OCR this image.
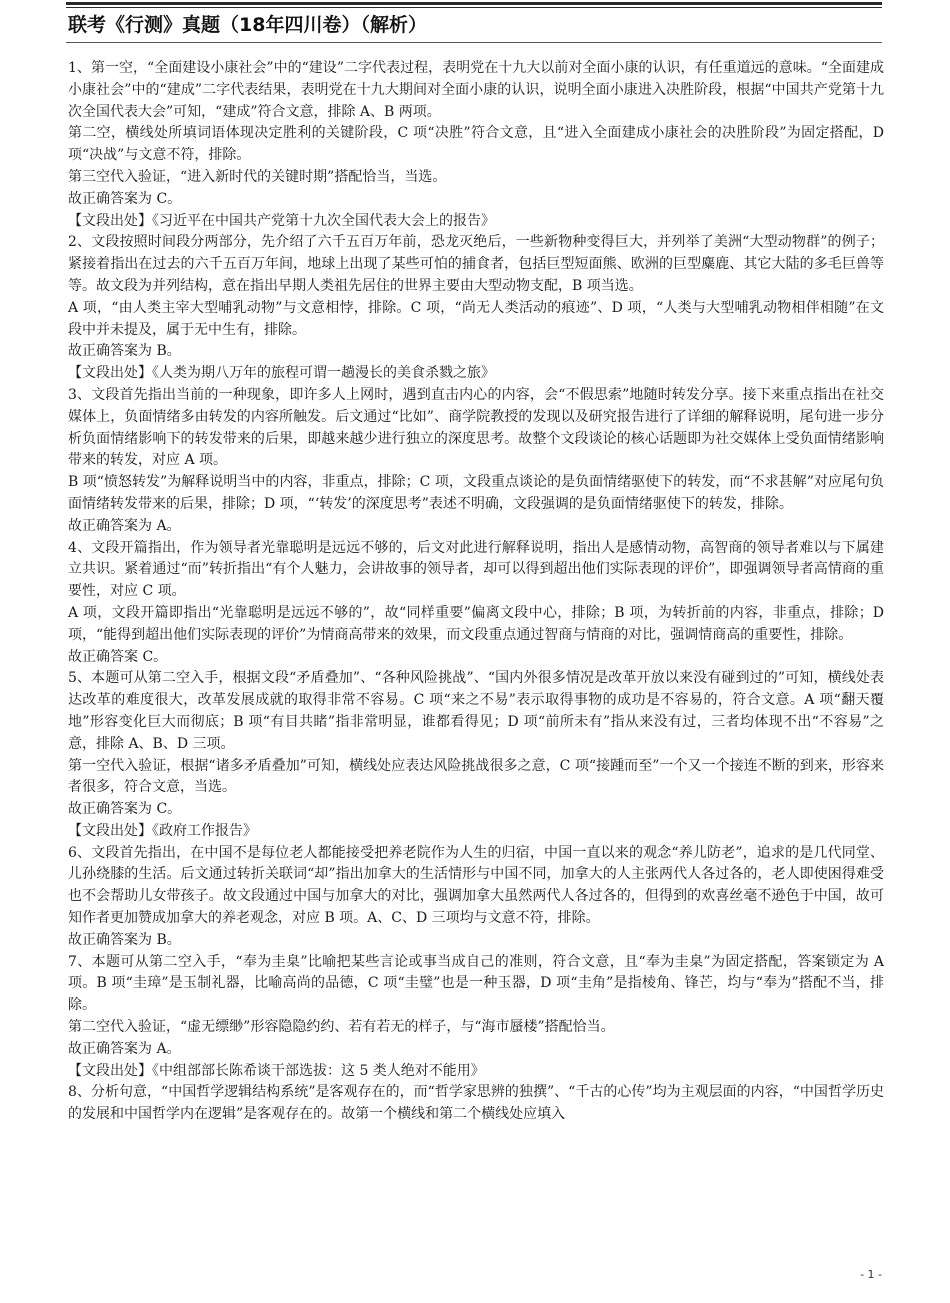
联考《行测》真题（18年四川卷）（解析）

1、第一空，“全面建设小康社会”中的“建设”二字代表过程，表明党在十九大以前对全面小康的认识，有任重道远的意味。“全面建成小康社会”中的“建成”二字代表结果，表明党在十九大期间对全面小康的认识，说明全面小康进入决胜阶段，根据“中国共产党第十九次全国代表大会”可知，“建成”符合文意，排除 A、B 两项。

第二空，横线处所填词语体现决定胜利的关键阶段，C 项“决胜”符合文意，且“进入全面建成小康社会的决胜阶段”为固定搭配，D 项“决战”与文意不符，排除。

第三空代入验证，“进入新时代的关键时期”搭配恰当，当选。

故正确答案为 C。

【文段出处】《习近平在中国共产党第十九次全国代表大会上的报告》

2、文段按照时间段分两部分，先介绍了六千五百万年前，恐龙灭绝后，一些新物种变得巨大，并列举了美洲“大型动物群”的例子；紧接着指出在过去的六千五百万年间，地球上出现了某些可怕的捕食者，包括巨型短面熊、欧洲的巨型麋鹿、其它大陆的多毛巨兽等等。故文段为并列结构，意在指出早期人类祖先居住的世界主要由大型动物支配，B 项当选。

A 项，“由人类主宰大型哺乳动物”与文意相悖，排除。C 项，“尚无人类活动的痕迹”、D 项，“人类与大型哺乳动物相伴相随”在文段中并未提及，属于无中生有，排除。

故正确答案为 B。

【文段出处】《人类为期八万年的旅程可谓一趟漫长的美食杀戮之旅》

3、文段首先指出当前的一种现象，即许多人上网时，遇到直击内心的内容，会“不假思索”地随时转发分享。接下来重点指出在社交媒体上，负面情绪多由转发的内容所触发。后文通过“比如”、商学院教授的发现以及研究报告进行了详细的解释说明，尾句进一步分析负面情绪影响下的转发带来的后果，即越来越少进行独立的深度思考。故整个文段谈论的核心话题即为社交媒体上受负面情绪影响带来的转发，对应 A 项。

B 项“愤怒转发”为解释说明当中的内容，非重点，排除；C 项，文段重点谈论的是负面情绪驱使下的转发，而“不求甚解”对应尾句负面情绪转发带来的后果，排除；D 项，“‘转发’的深度思考”表述不明确，文段强调的是负面情绪驱使下的转发，排除。

故正确答案为 A。

4、文段开篇指出，作为领导者光靠聪明是远远不够的，后文对此进行解释说明，指出人是感情动物，高智商的领导者难以与下属建立共识。紧着通过“而”转折指出“有个人魅力，会讲故事的领导者，却可以得到超出他们实际表现的评价”，即强调领导者高情商的重要性，对应 C 项。

A 项，文段开篇即指出“光靠聪明是远远不够的”，故“同样重要”偏离文段中心，排除；B 项，为转折前的内容，非重点，排除；D 项，“能得到超出他们实际表现的评价”为情商高带来的效果，而文段重点通过智商与情商的对比，强调情商高的重要性，排除。

故正确答案 C。

5、本题可从第二空入手，根据文段“矛盾叠加”、“各种风险挑战”、“国内外很多情况是改革开放以来没有碰到过的”可知，横线处表达改革的难度很大，改革发展成就的取得非常不容易。C 项“来之不易”表示取得事物的成功是不容易的，符合文意。A 项“翻天覆地”形容变化巨大而彻底；B 项“有目共睹”指非常明显，谁都看得见；D 项“前所未有”指从来没有过，三者均体现不出“不容易”之意，排除 A、B、D 三项。

第一空代入验证，根据“诸多矛盾叠加”可知，横线处应表达风险挑战很多之意，C 项“接踵而至”一个又一个接连不断的到来，形容来者很多，符合文意，当选。

故正确答案为 C。

【文段出处】《政府工作报告》

6、文段首先指出，在中国不是每位老人都能接受把养老院作为人生的归宿，中国一直以来的观念“养儿防老”，追求的是几代同堂、儿孙绕膝的生活。后文通过转折关联词“却”指出加拿大的生活情形与中国不同，加拿大的人主张两代人各过各的，老人即使困得难受也不会帮助儿女带孩子。故文段通过中国与加拿大的对比，强调加拿大虽然两代人各过各的，但得到的欢喜丝毫不逊色于中国，故可知作者更加赞成加拿大的养老观念，对应 B 项。A、C、D 三项均与文意不符，排除。

故正确答案为 B。

7、本题可从第二空入手，“奉为圭臬”比喻把某些言论或事当成自己的准则，符合文意，且“奉为圭臬”为固定搭配，答案锁定为 A 项。B 项“圭璋”是玉制礼器，比喻高尚的品德，C 项“圭璧”也是一种玉器，D 项“圭角”是指棱角、锋芒，均与“奉为”搭配不当，排除。

第二空代入验证，“虚无缥缈”形容隐隐约约、若有若无的样子，与“海市蜃楼”搭配恰当。

故正确答案为 A。

【文段出处】《中组部部长陈希谈干部选拔：这 5 类人绝对不能用》

8、分析句意，“中国哲学逻辑结构系统”是客观存在的，而“哲学家思辨的独撰”、“千古的心传”均为主观层面的内容，“中国哲学历史的发展和中国哲学内在逻辑”是客观存在的。故第一个横线和第二个横线处应填入

- 1 -
